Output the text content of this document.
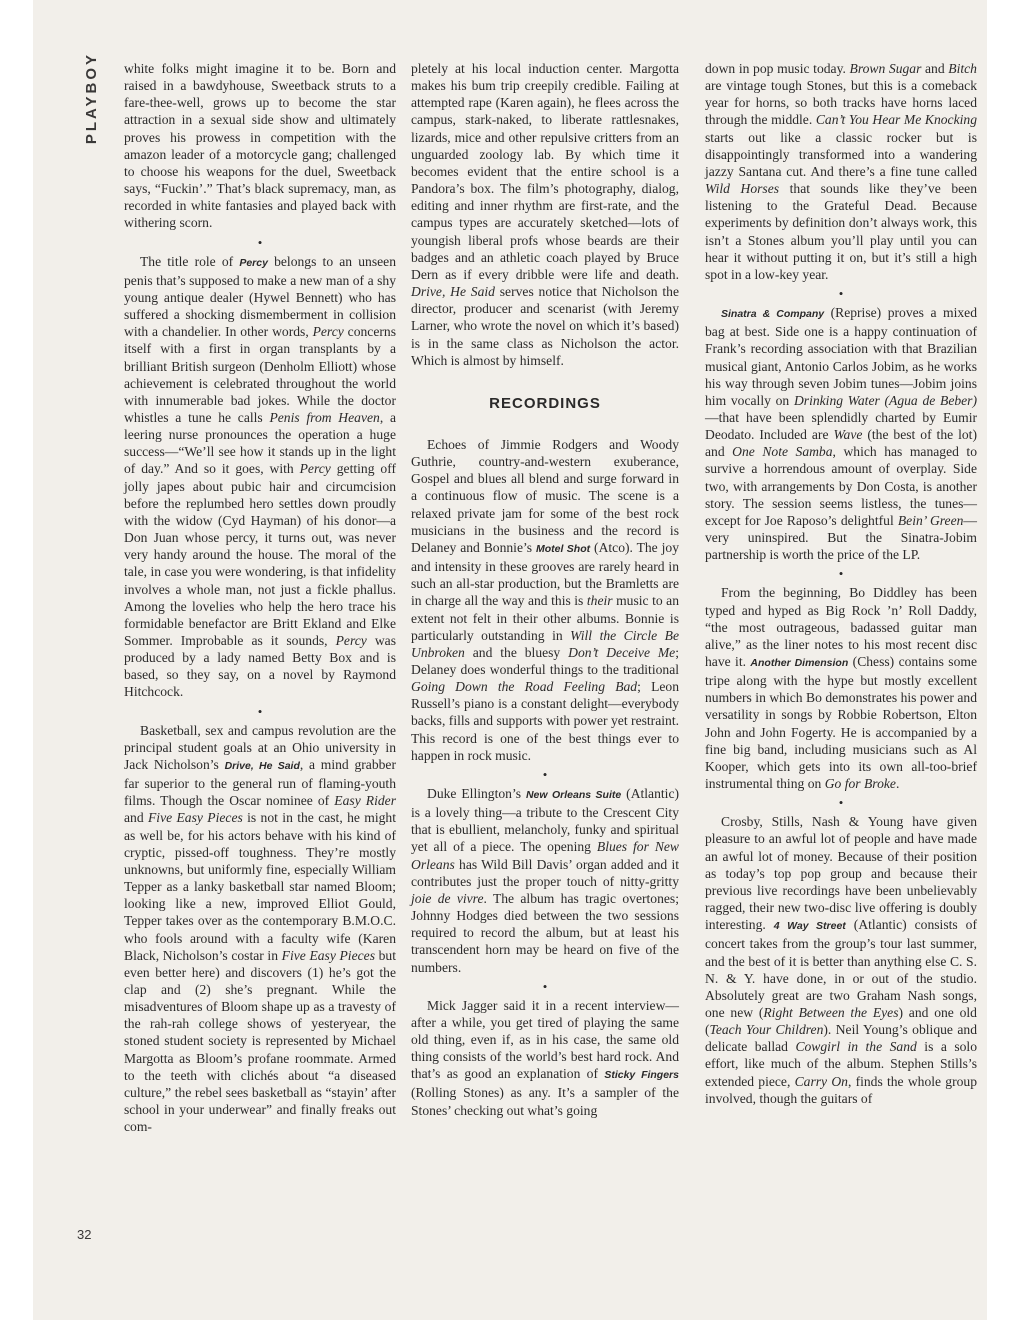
PLAYBOY
32

white folks might imagine it to be. Born and raised in a bawdyhouse, Sweetback struts to a fare-thee-well, grows up to become the star attraction in a sexual side show and ultimately proves his prowess in competition with the amazon leader of a motorcycle gang; challenged to choose his weapons for the duel, Sweetback says, “Fuckin’.” That’s black supremacy, man, as recorded in white fantasies and played back with withering scorn.

•

The title role of Percy belongs to an unseen penis that’s supposed to make a new man of a shy young antique dealer (Hywel Bennett) who has suffered a shocking dismemberment in collision with a chandelier. In other words, Percy concerns itself with a first in organ transplants by a brilliant British surgeon (Denholm Elliott) whose achievement is celebrated throughout the world with innumerable bad jokes. While the doctor whistles a tune he calls Penis from Heaven, a leering nurse pronounces the operation a huge success—“We’ll see how it stands up in the light of day.” And so it goes, with Percy getting off jolly japes about pubic hair and circumcision before the replumbed hero settles down proudly with the widow (Cyd Hayman) of his donor—a Don Juan whose percy, it turns out, was never very handy around the house. The moral of the tale, in case you were wondering, is that infidelity involves a whole man, not just a fickle phallus. Among the lovelies who help the hero trace his formidable benefactor are Britt Ekland and Elke Sommer. Improbable as it sounds, Percy was produced by a lady named Betty Box and is based, so they say, on a novel by Raymond Hitchcock.

•

Basketball, sex and campus revolution are the principal student goals at an Ohio university in Jack Nicholson’s Drive, He Said, a mind grabber far superior to the general run of flaming-youth films. Though the Oscar nominee of Easy Rider and Five Easy Pieces is not in the cast, he might as well be, for his actors behave with his kind of cryptic, pissed-off toughness. They’re mostly unknowns, but uniformly fine, especially William Tepper as a lanky basketball star named Bloom; looking like a new, improved Elliot Gould, Tepper takes over as the contemporary B.M.O.C. who fools around with a faculty wife (Karen Black, Nicholson’s costar in Five Easy Pieces but even better here) and discovers (1) he’s got the clap and (2) she’s pregnant. While the misadventures of Bloom shape up as a travesty of the rah-rah college shows of yesteryear, the stoned student society is represented by Michael Margotta as Bloom’s profane roommate. Armed to the teeth with clichés about “a diseased culture,” the rebel sees basketball as “stayin’ after school in your underwear” and finally freaks out com-

pletely at his local induction center. Margotta makes his bum trip creepily credible. Failing at attempted rape (Karen again), he flees across the campus, stark-naked, to liberate rattlesnakes, lizards, mice and other repulsive critters from an unguarded zoology lab. By which time it becomes evident that the entire school is a Pandora’s box. The film’s photography, dialog, editing and inner rhythm are first-rate, and the campus types are accurately sketched—lots of youngish liberal profs whose beards are their badges and an athletic coach played by Bruce Dern as if every dribble were life and death. Drive, He Said serves notice that Nicholson the director, producer and scenarist (with Jeremy Larner, who wrote the novel on which it’s based) is in the same class as Nicholson the actor. Which is almost by himself.

RECORDINGS

Echoes of Jimmie Rodgers and Woody Guthrie, country-and-western exuberance, Gospel and blues all blend and surge forward in a continuous flow of music. The scene is a relaxed private jam for some of the best rock musicians in the business and the record is Delaney and Bonnie’s Motel Shot (Atco). The joy and intensity in these grooves are rarely heard in such an all-star production, but the Bramletts are in charge all the way and this is their music to an extent not felt in their other albums. Bonnie is particularly outstanding in Will the Circle Be Unbroken and the bluesy Don’t Deceive Me; Delaney does wonderful things to the traditional Going Down the Road Feeling Bad; Leon Russell’s piano is a constant delight—everybody backs, fills and supports with power yet restraint. This record is one of the best things ever to happen in rock music.

•

Duke Ellington’s New Orleans Suite (Atlantic) is a lovely thing—a tribute to the Crescent City that is ebullient, melancholy, funky and spiritual yet all of a piece. The opening Blues for New Orleans has Wild Bill Davis’ organ added and it contributes just the proper touch of nitty-gritty joie de vivre. The album has tragic overtones; Johnny Hodges died between the two sessions required to record the album, but at least his transcendent horn may be heard on five of the numbers.

•

Mick Jagger said it in a recent interview—after a while, you get tired of playing the same old thing, even if, as in his case, the same old thing consists of the world’s best hard rock. And that’s as good an explanation of Sticky Fingers (Rolling Stones) as any. It’s a sampler of the Stones’ checking out what’s going

down in pop music today. Brown Sugar and Bitch are vintage tough Stones, but this is a comeback year for horns, so both tracks have horns laced through the middle. Can’t You Hear Me Knocking starts out like a classic rocker but is disappointingly transformed into a wandering jazzy Santana cut. And there’s a fine tune called Wild Horses that sounds like they’ve been listening to the Grateful Dead. Because experiments by definition don’t always work, this isn’t a Stones album you’ll play until you can hear it without putting it on, but it’s still a high spot in a low-key year.

•

Sinatra & Company (Reprise) proves a mixed bag at best. Side one is a happy continuation of Frank’s recording association with that Brazilian musical giant, Antonio Carlos Jobim, as he works his way through seven Jobim tunes—Jobim joins him vocally on Drinking Water (Agua de Beber)—that have been splendidly charted by Eumir Deodato. Included are Wave (the best of the lot) and One Note Samba, which has managed to survive a horrendous amount of overplay. Side two, with arrangements by Don Costa, is another story. The session seems listless, the tunes—except for Joe Raposo’s delightful Bein’ Green—very uninspired. But the Sinatra-Jobim partnership is worth the price of the LP.

•

From the beginning, Bo Diddley has been typed and hyped as Big Rock ’n’ Roll Daddy, “the most outrageous, badassed guitar man alive,” as the liner notes to his most recent disc have it. Another Dimension (Chess) contains some tripe along with the hype but mostly excellent numbers in which Bo demonstrates his power and versatility in songs by Robbie Robertson, Elton John and John Fogerty. He is accompanied by a fine big band, including musicians such as Al Kooper, which gets into its own all-too-brief instrumental thing on Go for Broke.

•

Crosby, Stills, Nash & Young have given pleasure to an awful lot of people and have made an awful lot of money. Because of their position as today’s top pop group and because their previous live recordings have been unbelievably ragged, their new two-disc live offering is doubly interesting. 4 Way Street (Atlantic) consists of concert takes from the group’s tour last summer, and the best of it is better than anything else C. S. N. & Y. have done, in or out of the studio. Absolutely great are two Graham Nash songs, one new (Right Between the Eyes) and one old (Teach Your Children). Neil Young’s oblique and delicate ballad Cowgirl in the Sand is a solo effort, like much of the album. Stephen Stills’s extended piece, Carry On, finds the whole group involved, though the guitars of
